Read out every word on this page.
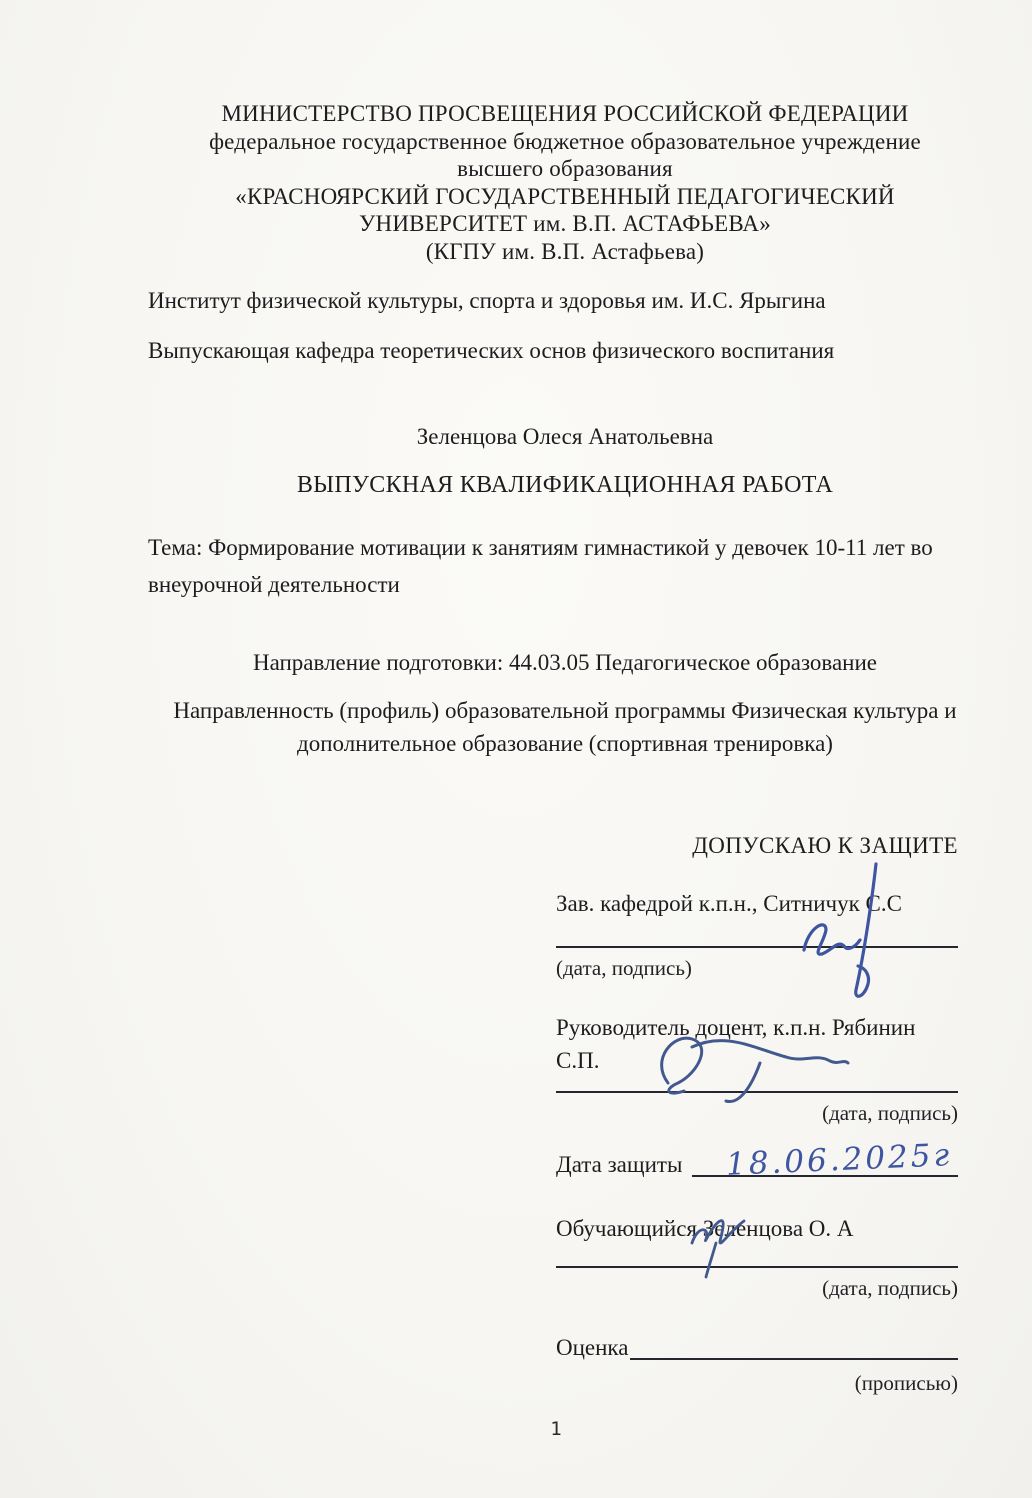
МИНИСТЕРСТВО ПРОСВЕЩЕНИЯ РОССИЙСКОЙ ФЕДЕРАЦИИ
федеральное государственное бюджетное образовательное учреждение
высшего образования
«КРАСНОЯРСКИЙ ГОСУДАРСТВЕННЫЙ ПЕДАГОГИЧЕСКИЙ
УНИВЕРСИТЕТ им. В.П. АСТАФЬЕВА»
(КГПУ им. В.П. Астафьева)

Институт физической культуры, спорта и здоровья им. И.С. Ярыгина

Выпускающая кафедра теоретических основ физического воспитания

Зеленцова Олеся Анатольевна
ВЫПУСКНАЯ КВАЛИФИКАЦИОННАЯ РАБОТА
Тема: Формирование мотивации к занятиям гимнастикой у девочек 10-11 лет во внеурочной деятельности
Направление подготовки: 44.03.05 Педагогическое образование
Направленность (профиль) образовательной программы Физическая культура и дополнительное образование (спортивная тренировка)
ДОПУСКАЮ К ЗАЩИТЕ
Зав. кафедрой к.п.н., Ситничук С.С
(дата, подпись)
Руководитель доцент, к.п.н. Рябинин С.П.
(дата, подпись)
Дата защиты 18.06.2025г
Обучающийся Зеленцова О. А
(дата, подпись)
Оценка
(прописью)
1
